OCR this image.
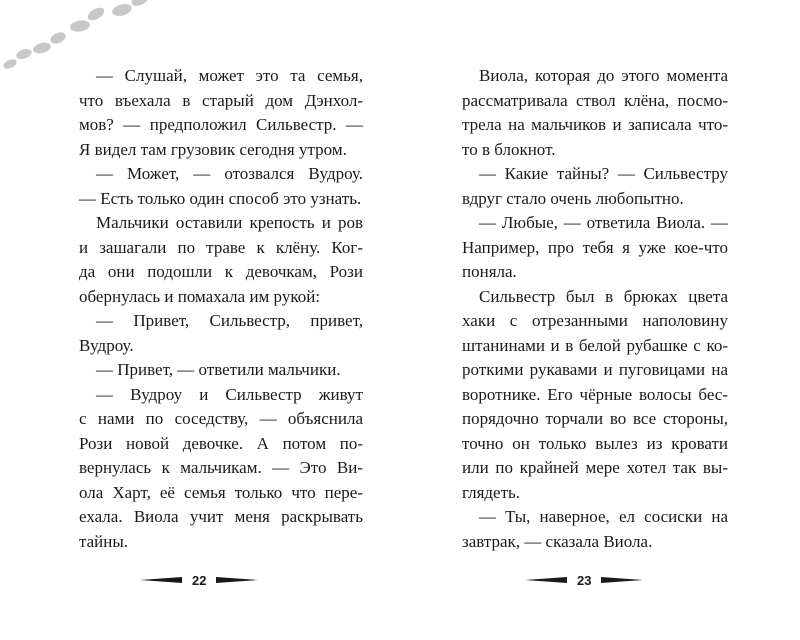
— Слушай, может это та семья,
что въехала в старый дом Дэнхол-
мов? — предположил Сильвестр. —
Я видел там грузовик сегодня утром.
— Может, — отозвался Вудроу.
— Есть только один способ это узнать.
Мальчики оставили крепость и ров
и зашагали по траве к клёну. Ког-
да они подошли к девочкам, Рози
обернулась и помахала им рукой:
— Привет, Сильвестр, привет,
Вудроу.
— Привет, — ответили мальчики.
— Вудроу и Сильвестр живут
с нами по соседству, — объяснила
Рози новой девочке. А потом по-
вернулась к мальчикам. — Это Ви-
ола Харт, её семья только что пере-
ехала. Виола учит меня раскрывать
тайны.
Виола, которая до этого момента
рассматривала ствол клёна, посмо-
трела на мальчиков и записала что-
то в блокнот.
— Какие тайны? — Сильвестру
вдруг стало очень любопытно.
— Любые, — ответила Виола. —
Например, про тебя я уже кое-что
поняла.
Сильвестр был в брюках цвета
хаки с отрезанными наполовину
штанинами и в белой рубашке с ко-
роткими рукавами и пуговицами на
воротнике. Его чёрные волосы бес-
порядочно торчали во все стороны,
точно он только вылез из кровати
или по крайней мере хотел так вы-
глядеть.
— Ты, наверное, ел сосиски на
завтрак, — сказала Виола.
22	23
